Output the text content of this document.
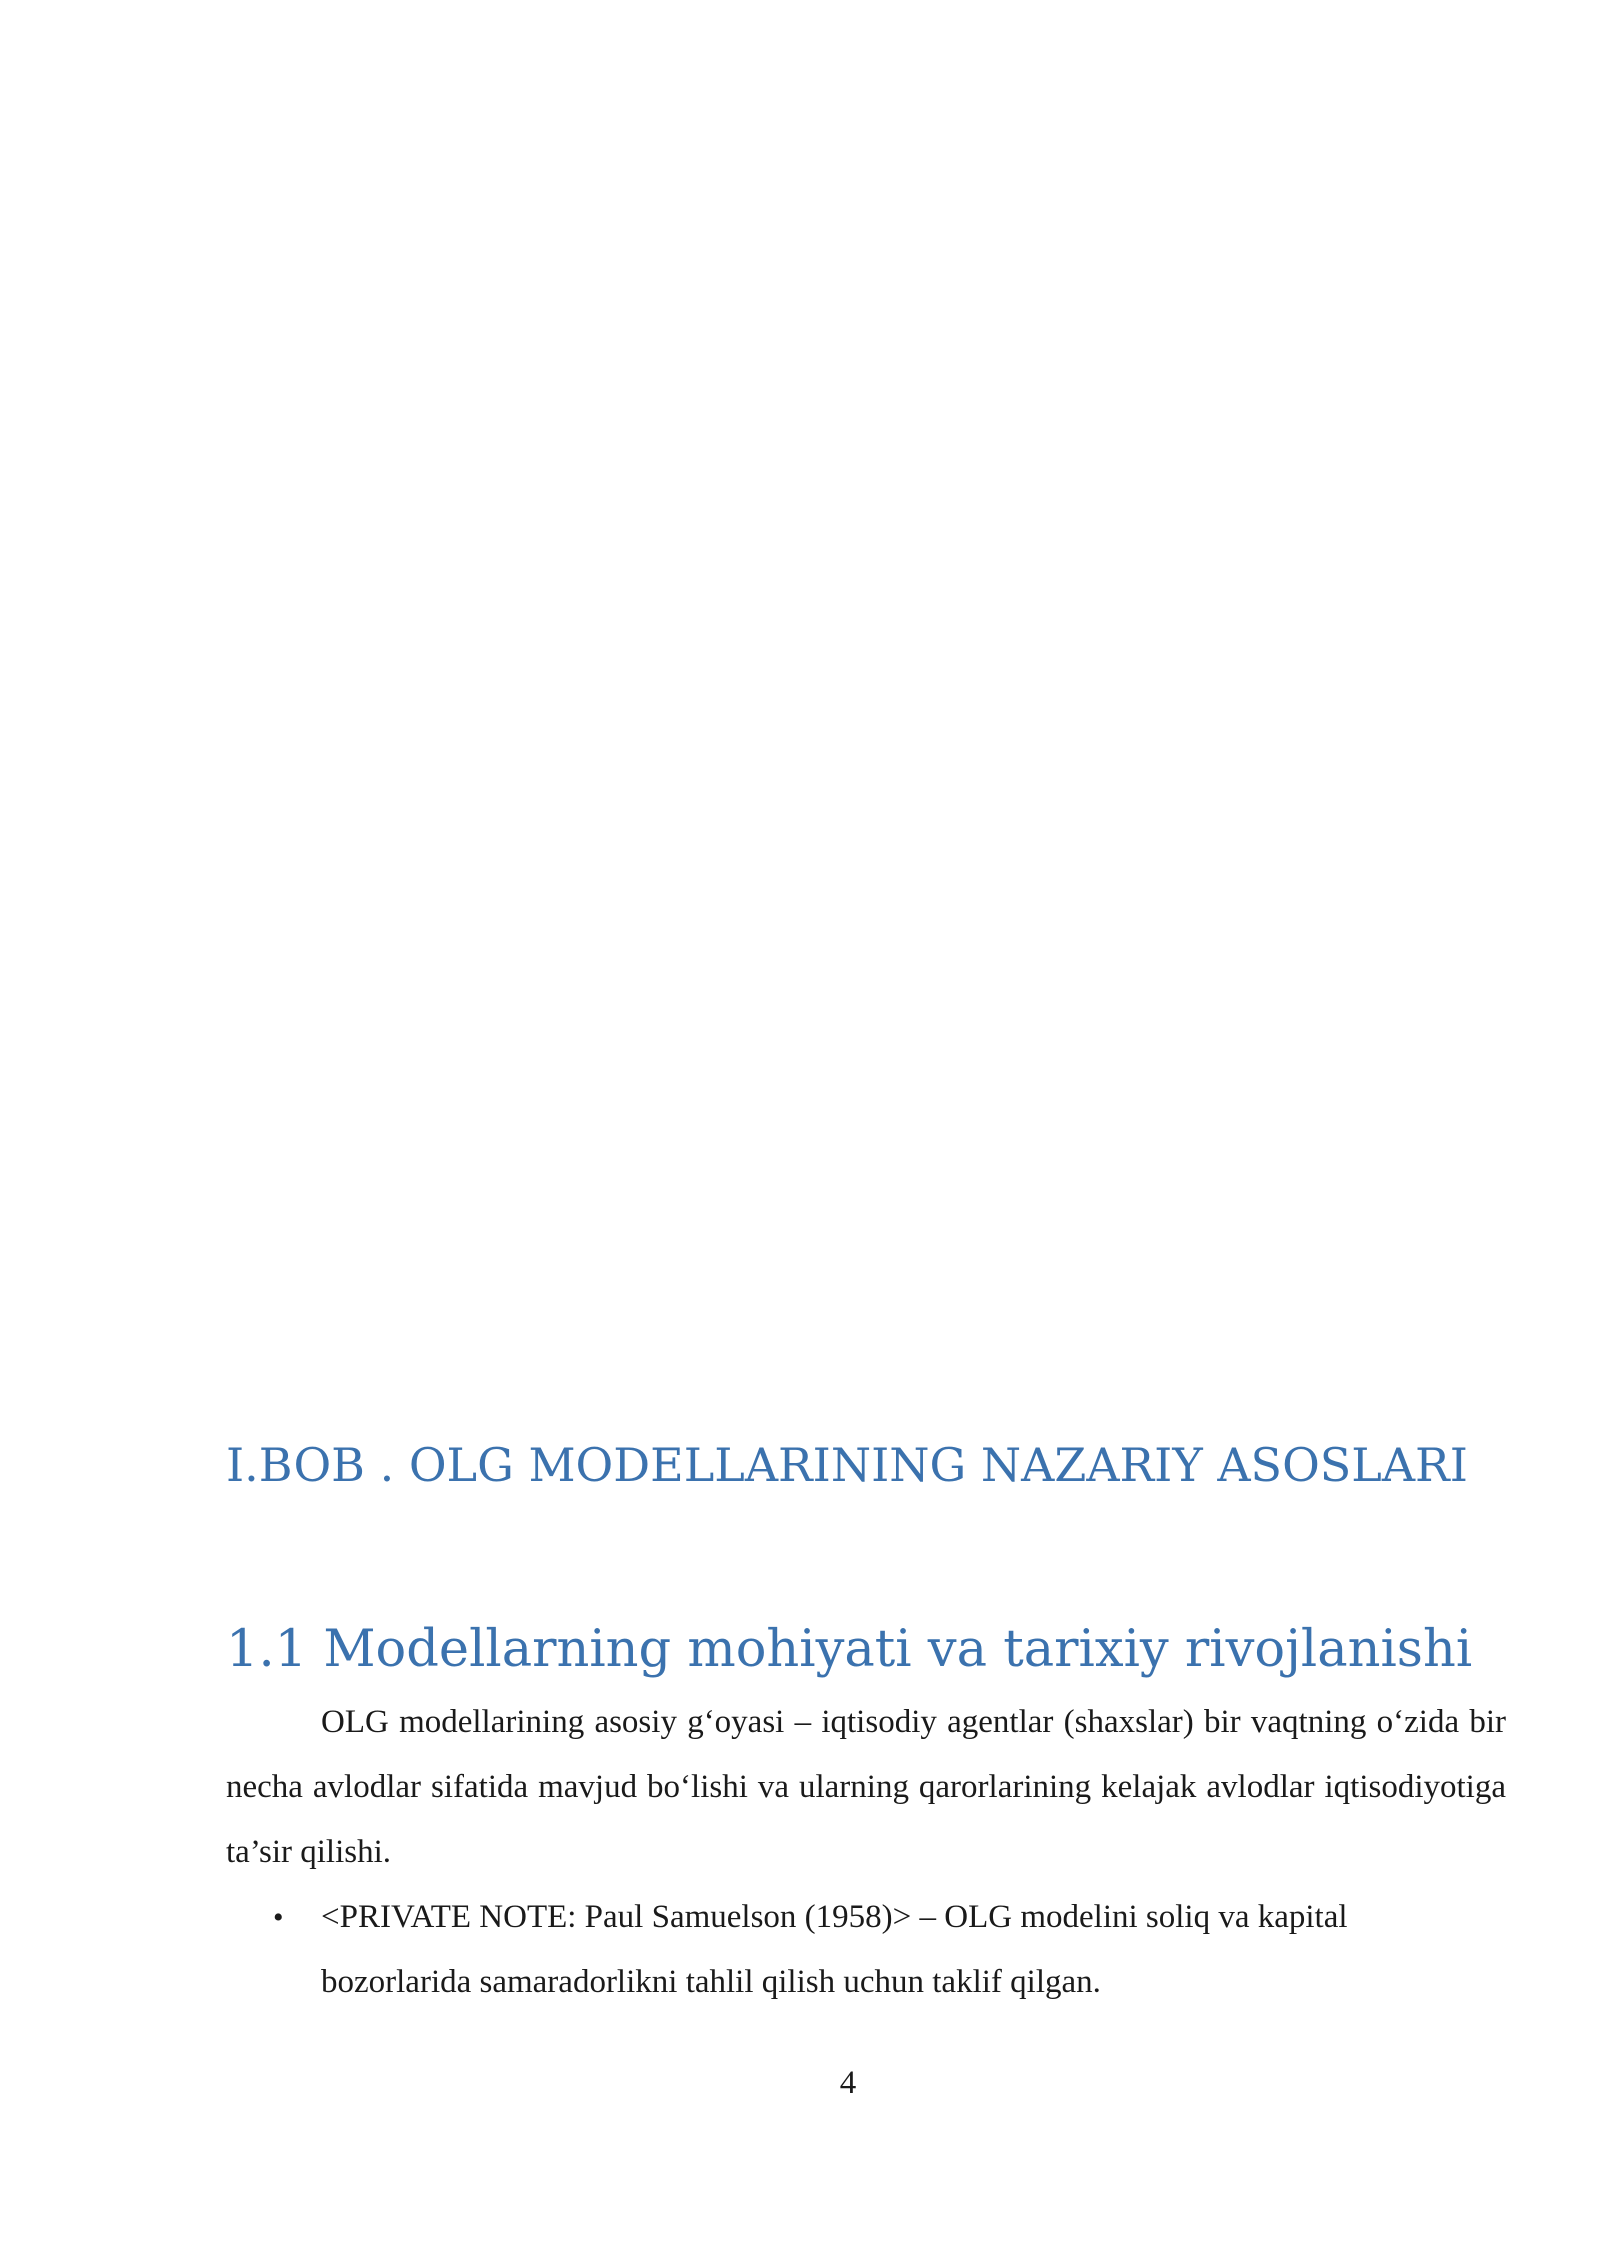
I.BOB . OLG MODELLARINING NAZARIY ASOSLARI
1.1 Modellarning mohiyati va tarixiy rivojlanishi

OLG modellarining asosiy g‘oyasi – iqtisodiy agentlar (shaxslar) bir vaqtning o‘zida bir necha avlodlar sifatida mavjud bo‘lishi va ularning qarorlarining kelajak avlodlar iqtisodiyotiga ta’sir qilishi.

• <PRIVATE NOTE: Paul Samuelson (1958)> – OLG modelini soliq va kapital bozorlarida samaradorlikni tahlil qilish uchun taklif qilgan.
4
